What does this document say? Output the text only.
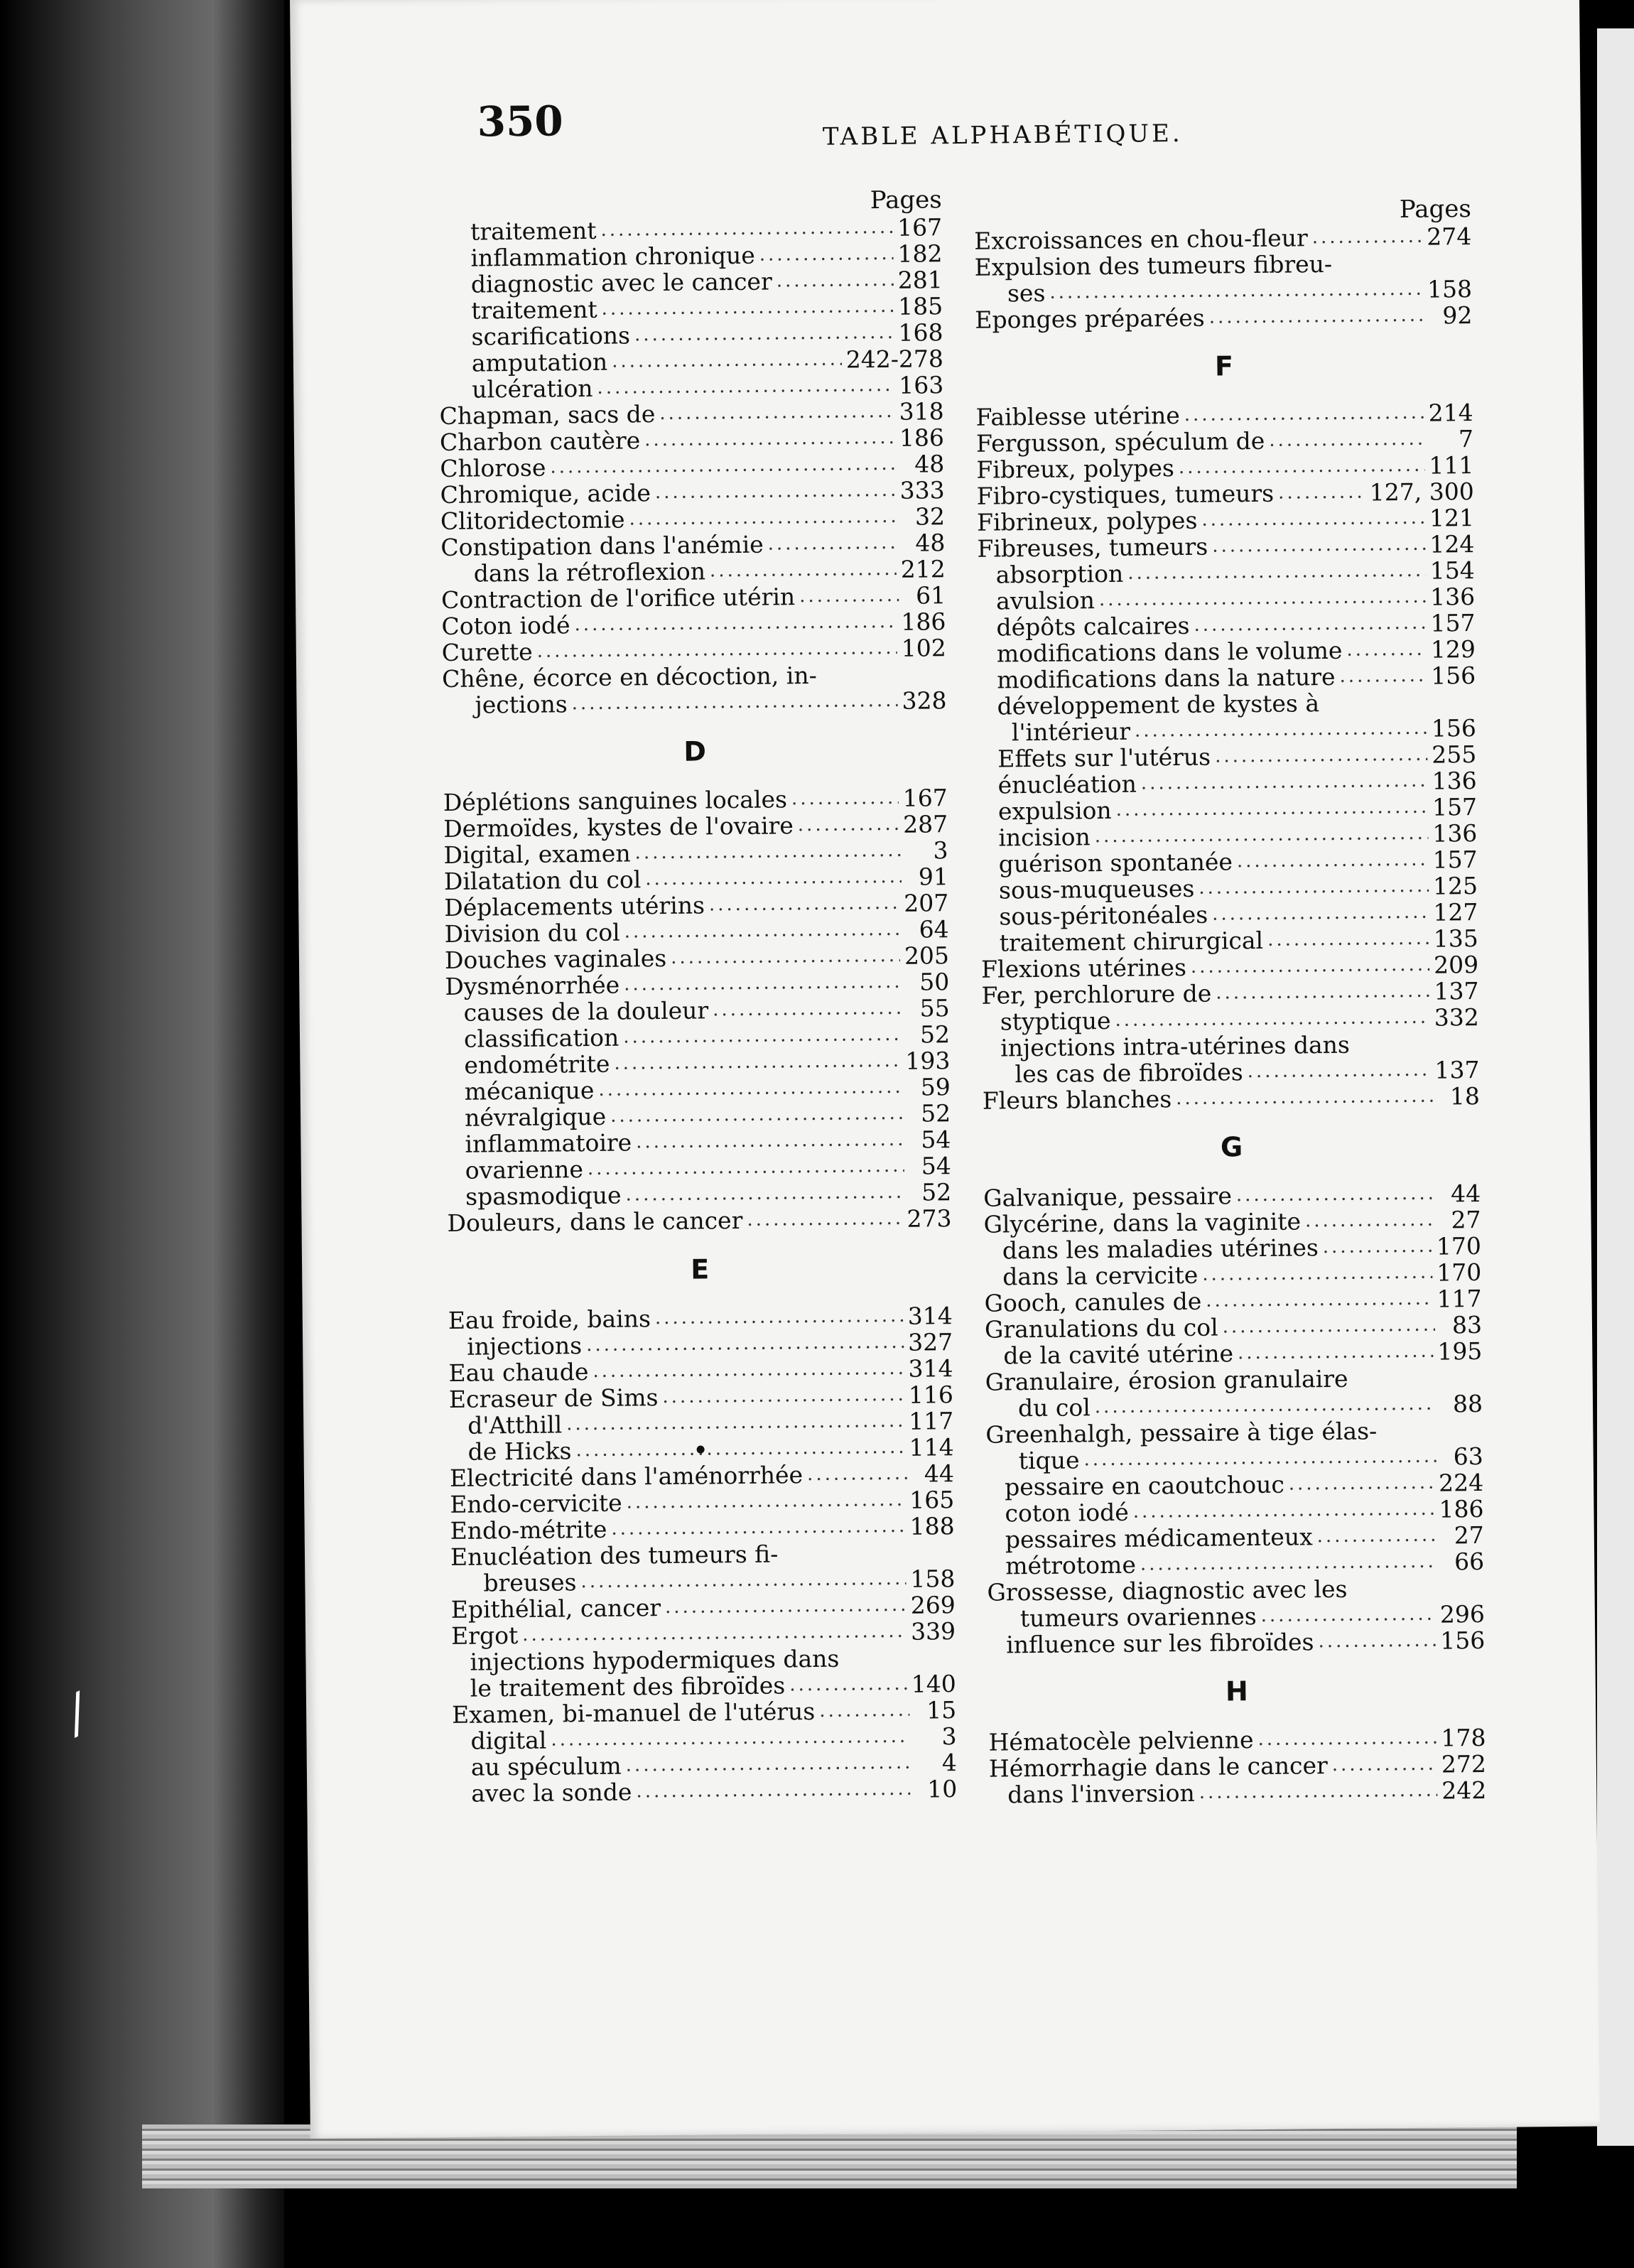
/
350	TABLE ALPHABÉTIQUE.
Pages
traitement .....	167
inflammation chronique .....	182
diagnostic avec le cancer .....	281
traitement .....	185
scarifications .....	168
amputation .....	242-278
ulcération .....	163
Chapman, sacs de .....	318
Charbon cautère .....	186
Chlorose .....	48
Chromique, acide .....	333
Clitoridectomie .....	32
Constipation dans l'anémie .....	48
dans la rétroflexion .....	212
Contraction de l'orifice utérin .....	61
Coton iodé .....	186
Curette .....	102
Chêne, écorce en décoction, in-
jections .....	328
D
Déplétions sanguines locales .....	167
Dermoïdes, kystes de l'ovaire .....	287
Digital, examen .....	3
Dilatation du col .....	91
Déplacements utérins .....	207
Division du col .....	64
Douches vaginales .....	205
Dysménorrhée .....	50
causes de la douleur .....	55
classification .....	52
endométrite .....	193
mécanique .....	59
névralgique .....	52
inflammatoire .....	54
ovarienne .....	54
spasmodique .....	52
Douleurs, dans le cancer .....	273
E
Eau froide, bains .....	314
injections .....	327
Eau chaude .....	314
Ecraseur de Sims .....	116
d'Atthill .....	117
de Hicks .....	114
Electricité dans l'aménorrhée .....	44
Endo-cervicite .....	165
Endo-métrite .....	188
Enucléation des tumeurs fi-
breuses .....	158
Epithélial, cancer .....	269
Ergot .....	339
injections hypodermiques dans
le traitement des fibroïdes .....	140
Examen, bi-manuel de l'utérus .....	15
digital .....	3
au spéculum .....	4
avec la sonde .....	10
Pages
Excroissances en chou-fleur .....	274
Expulsion des tumeurs fibreu-
ses .....	158
Eponges préparées .....	92
F
Faiblesse utérine .....	214
Fergusson, spéculum de .....	7
Fibreux, polypes .....	111
Fibro-cystiques, tumeurs .....	127, 300
Fibrineux, polypes .....	121
Fibreuses, tumeurs .....	124
absorption .....	154
avulsion .....	136
dépôts calcaires .....	157
modifications dans le volume .....	129
modifications dans la nature .....	156
développement de kystes à
l'intérieur .....	156
Effets sur l'utérus .....	255
énucléation .....	136
expulsion .....	157
incision .....	136
guérison spontanée .....	157
sous-muqueuses .....	125
sous-péritonéales .....	127
traitement chirurgical .....	135
Flexions utérines .....	209
Fer, perchlorure de .....	137
styptique .....	332
injections intra-utérines dans
les cas de fibroïdes .....	137
Fleurs blanches .....	18
G
Galvanique, pessaire .....	44
Glycérine, dans la vaginite .....	27
dans les maladies utérines .....	170
dans la cervicite .....	170
Gooch, canules de .....	117
Granulations du col .....	83
de la cavité utérine .....	195
Granulaire, érosion granulaire
du col .....	88
Greenhalgh, pessaire à tige élas-
tique .....	63
pessaire en caoutchouc .....	224
coton iodé .....	186
pessaires médicamenteux .....	27
métrotome .....	66
Grossesse, diagnostic avec les
tumeurs ovariennes .....	296
influence sur les fibroïdes .....	156
H
Hématocèle pelvienne .....	178
Hémorrhagie dans le cancer .....	272
dans l'inversion .....	242
